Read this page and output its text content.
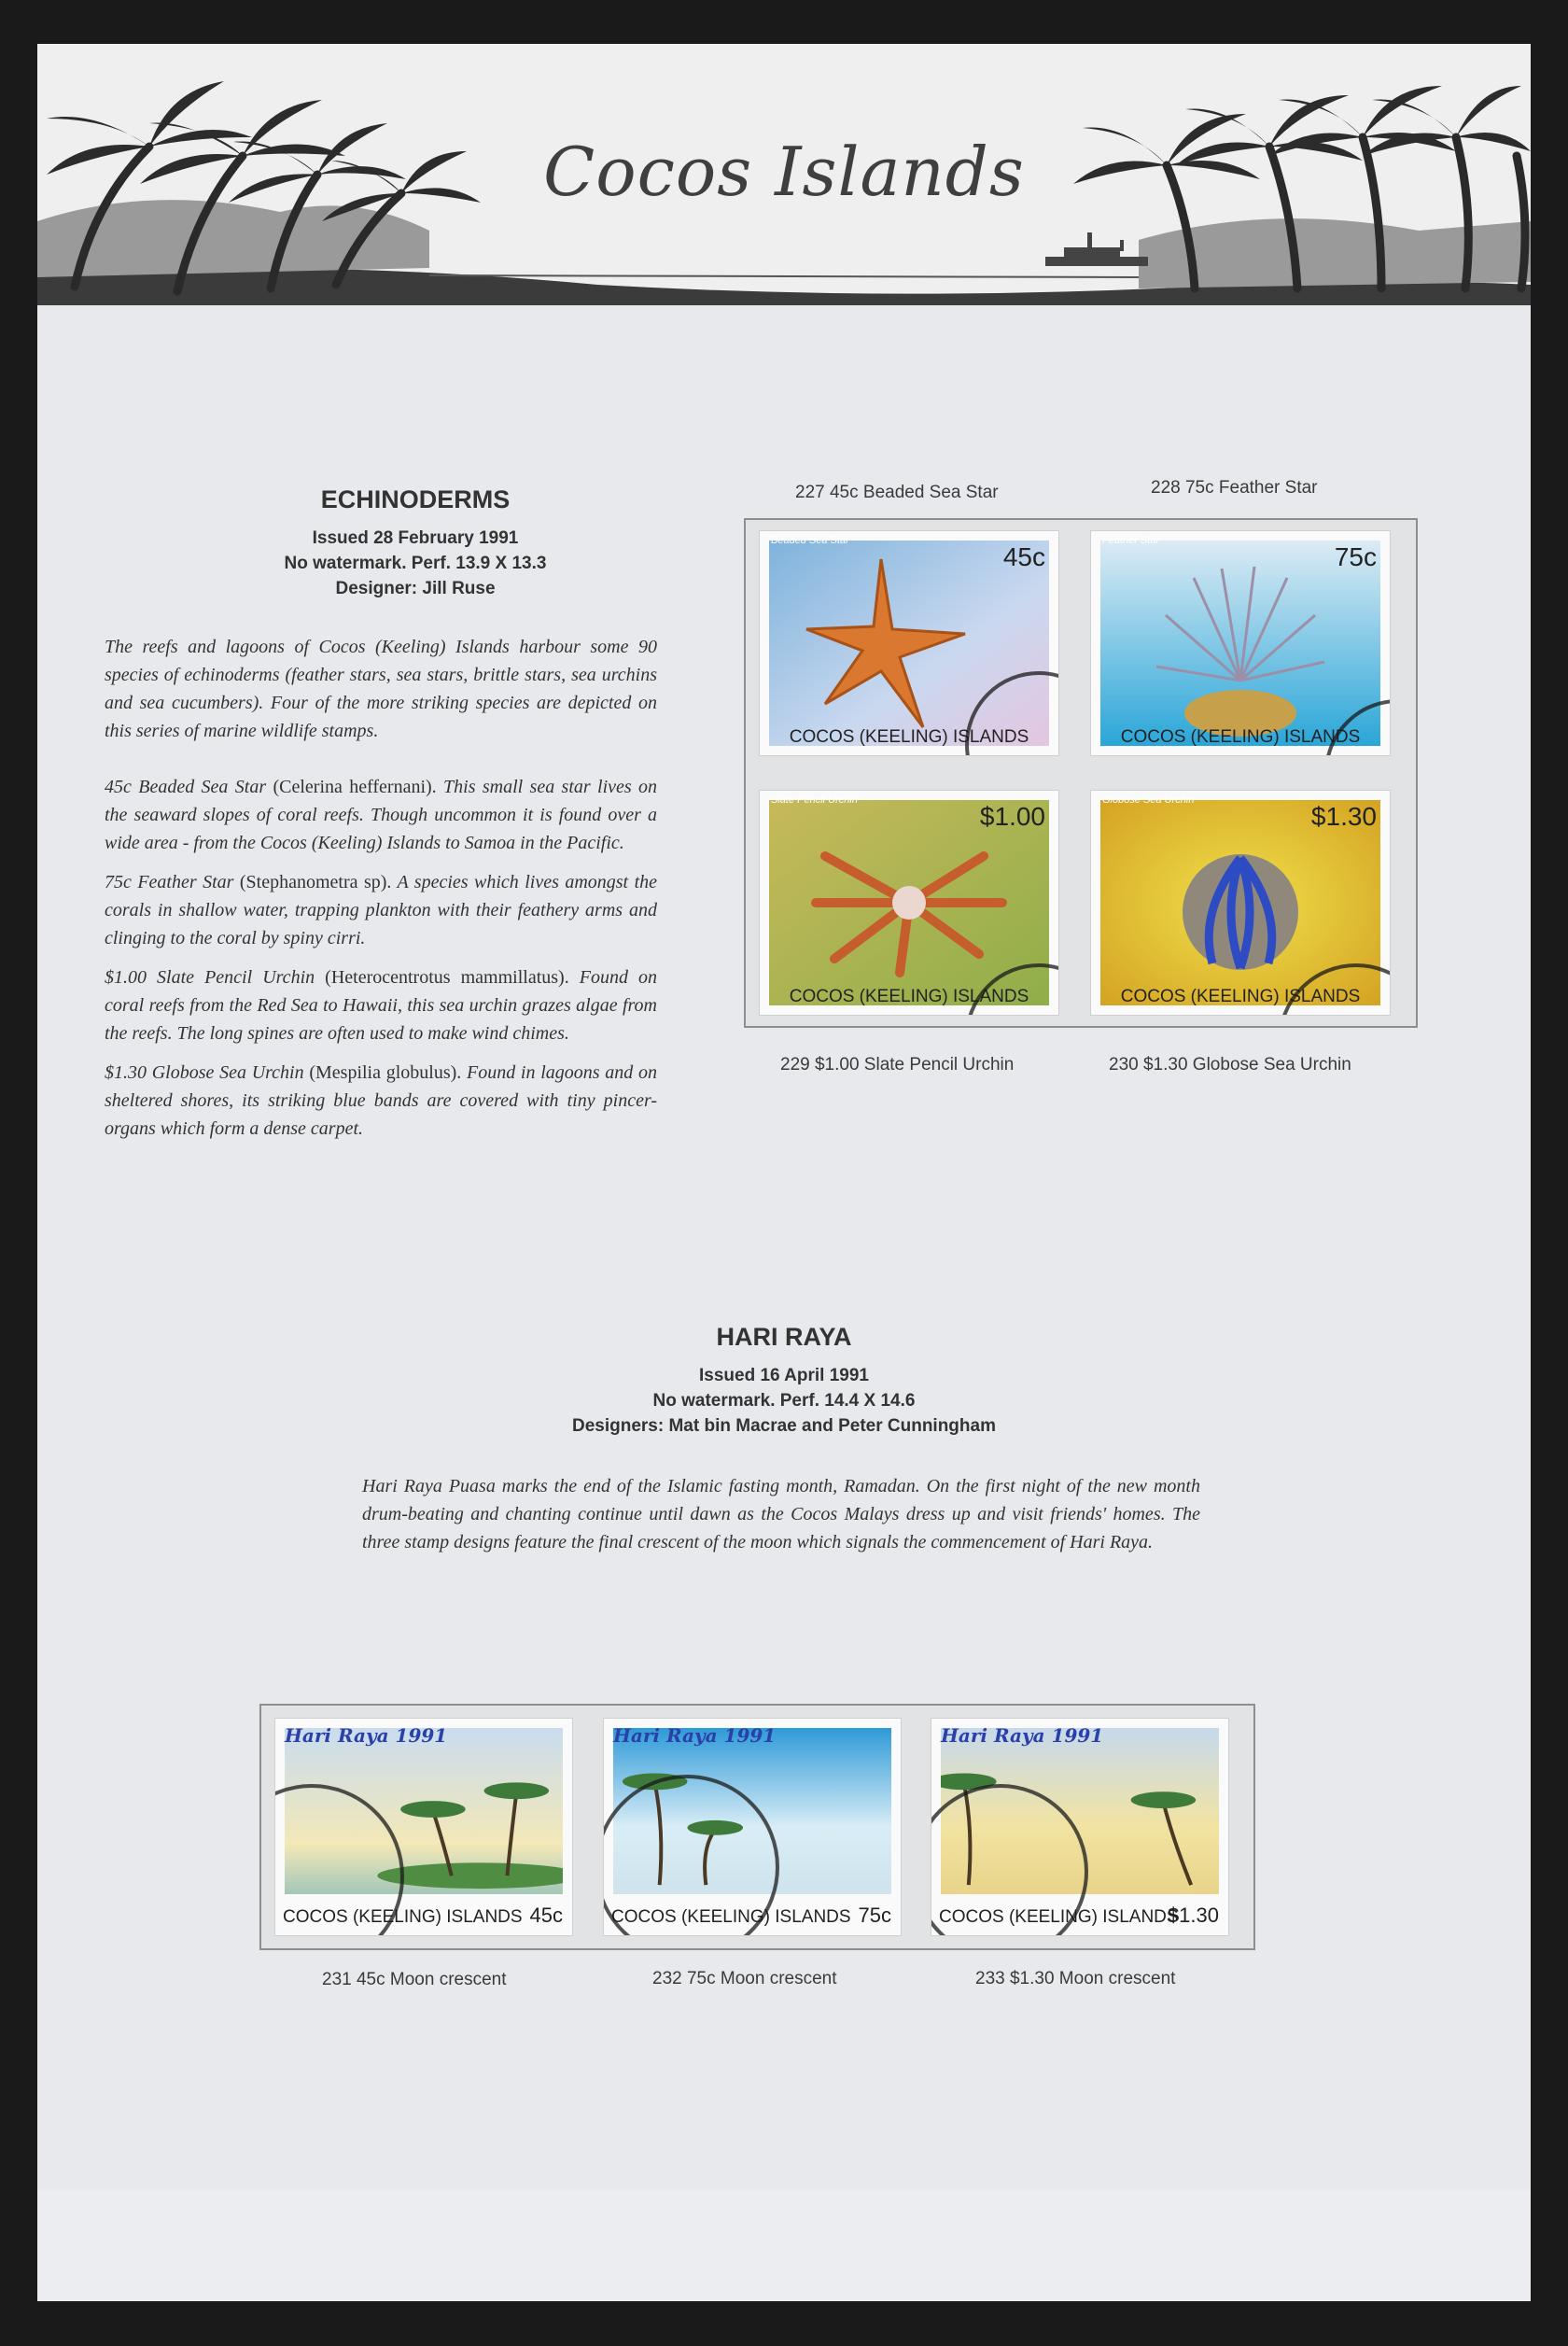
Cocos Islands
ECHINODERMS
Issued 28 February 1991
No watermark. Perf. 13.9 X 13.3
Designer: Jill Ruse

The reefs and lagoons of Cocos (Keeling) Islands harbour some 90 species of echinoderms (feather stars, sea stars, brittle stars, sea urchins and sea cucumbers). Four of the more striking species are depicted on this series of marine wildlife stamps.

45c Beaded Sea Star (Celerina heffernani). This small sea star lives on the seaward slopes of coral reefs. Though uncommon it is found over a wide area - from the Cocos (Keeling) Islands to Samoa in the Pacific.

75c Feather Star (Stephanometra sp). A species which lives amongst the corals in shallow water, trapping plankton with their feathery arms and clinging to the coral by spiny cirri.

$1.00 Slate Pencil Urchin (Heterocentrotus mammillatus). Found on coral reefs from the Red Sea to Hawaii, this sea urchin grazes algae from the reefs. The long spines are often used to make wind chimes.

$1.30 Globose Sea Urchin (Mespilia globulus). Found in lagoons and on sheltered shores, its striking blue bands are covered with tiny pincer-organs which form a dense carpet.

227 45c Beaded Sea Star	228 75c Feather Star
229 $1.00 Slate Pencil Urchin	230 $1.30 Globose Sea Urchin
Beaded Sea Star
45c
COCOS (KEELING) ISLANDS
Feather Star
75c
COCOS (KEELING) ISLANDS
Slate Pencil Urchin
$1.00
COCOS (KEELING) ISLANDS
Globose Sea Urchin
$1.30
COCOS (KEELING) ISLANDS
HARI RAYA
Issued 16 April 1991
No watermark. Perf. 14.4 X 14.6
Designers: Mat bin Macrae and Peter Cunningham

Hari Raya Puasa marks the end of the Islamic fasting month, Ramadan. On the first night of the new month drum-beating and chanting continue until dawn as the Cocos Malays dress up and visit friends' homes. The three stamp designs feature the final crescent of the moon which signals the commencement of Hari Raya.

Hari Raya 1991
COCOS (KEELING) ISLANDS 45c
Hari Raya 1991
COCOS (KEELING) ISLANDS 75c
Hari Raya 1991
COCOS (KEELING) ISLANDS
$1.30
231 45c Moon crescent	232 75c Moon crescent	233 $1.30 Moon crescent
